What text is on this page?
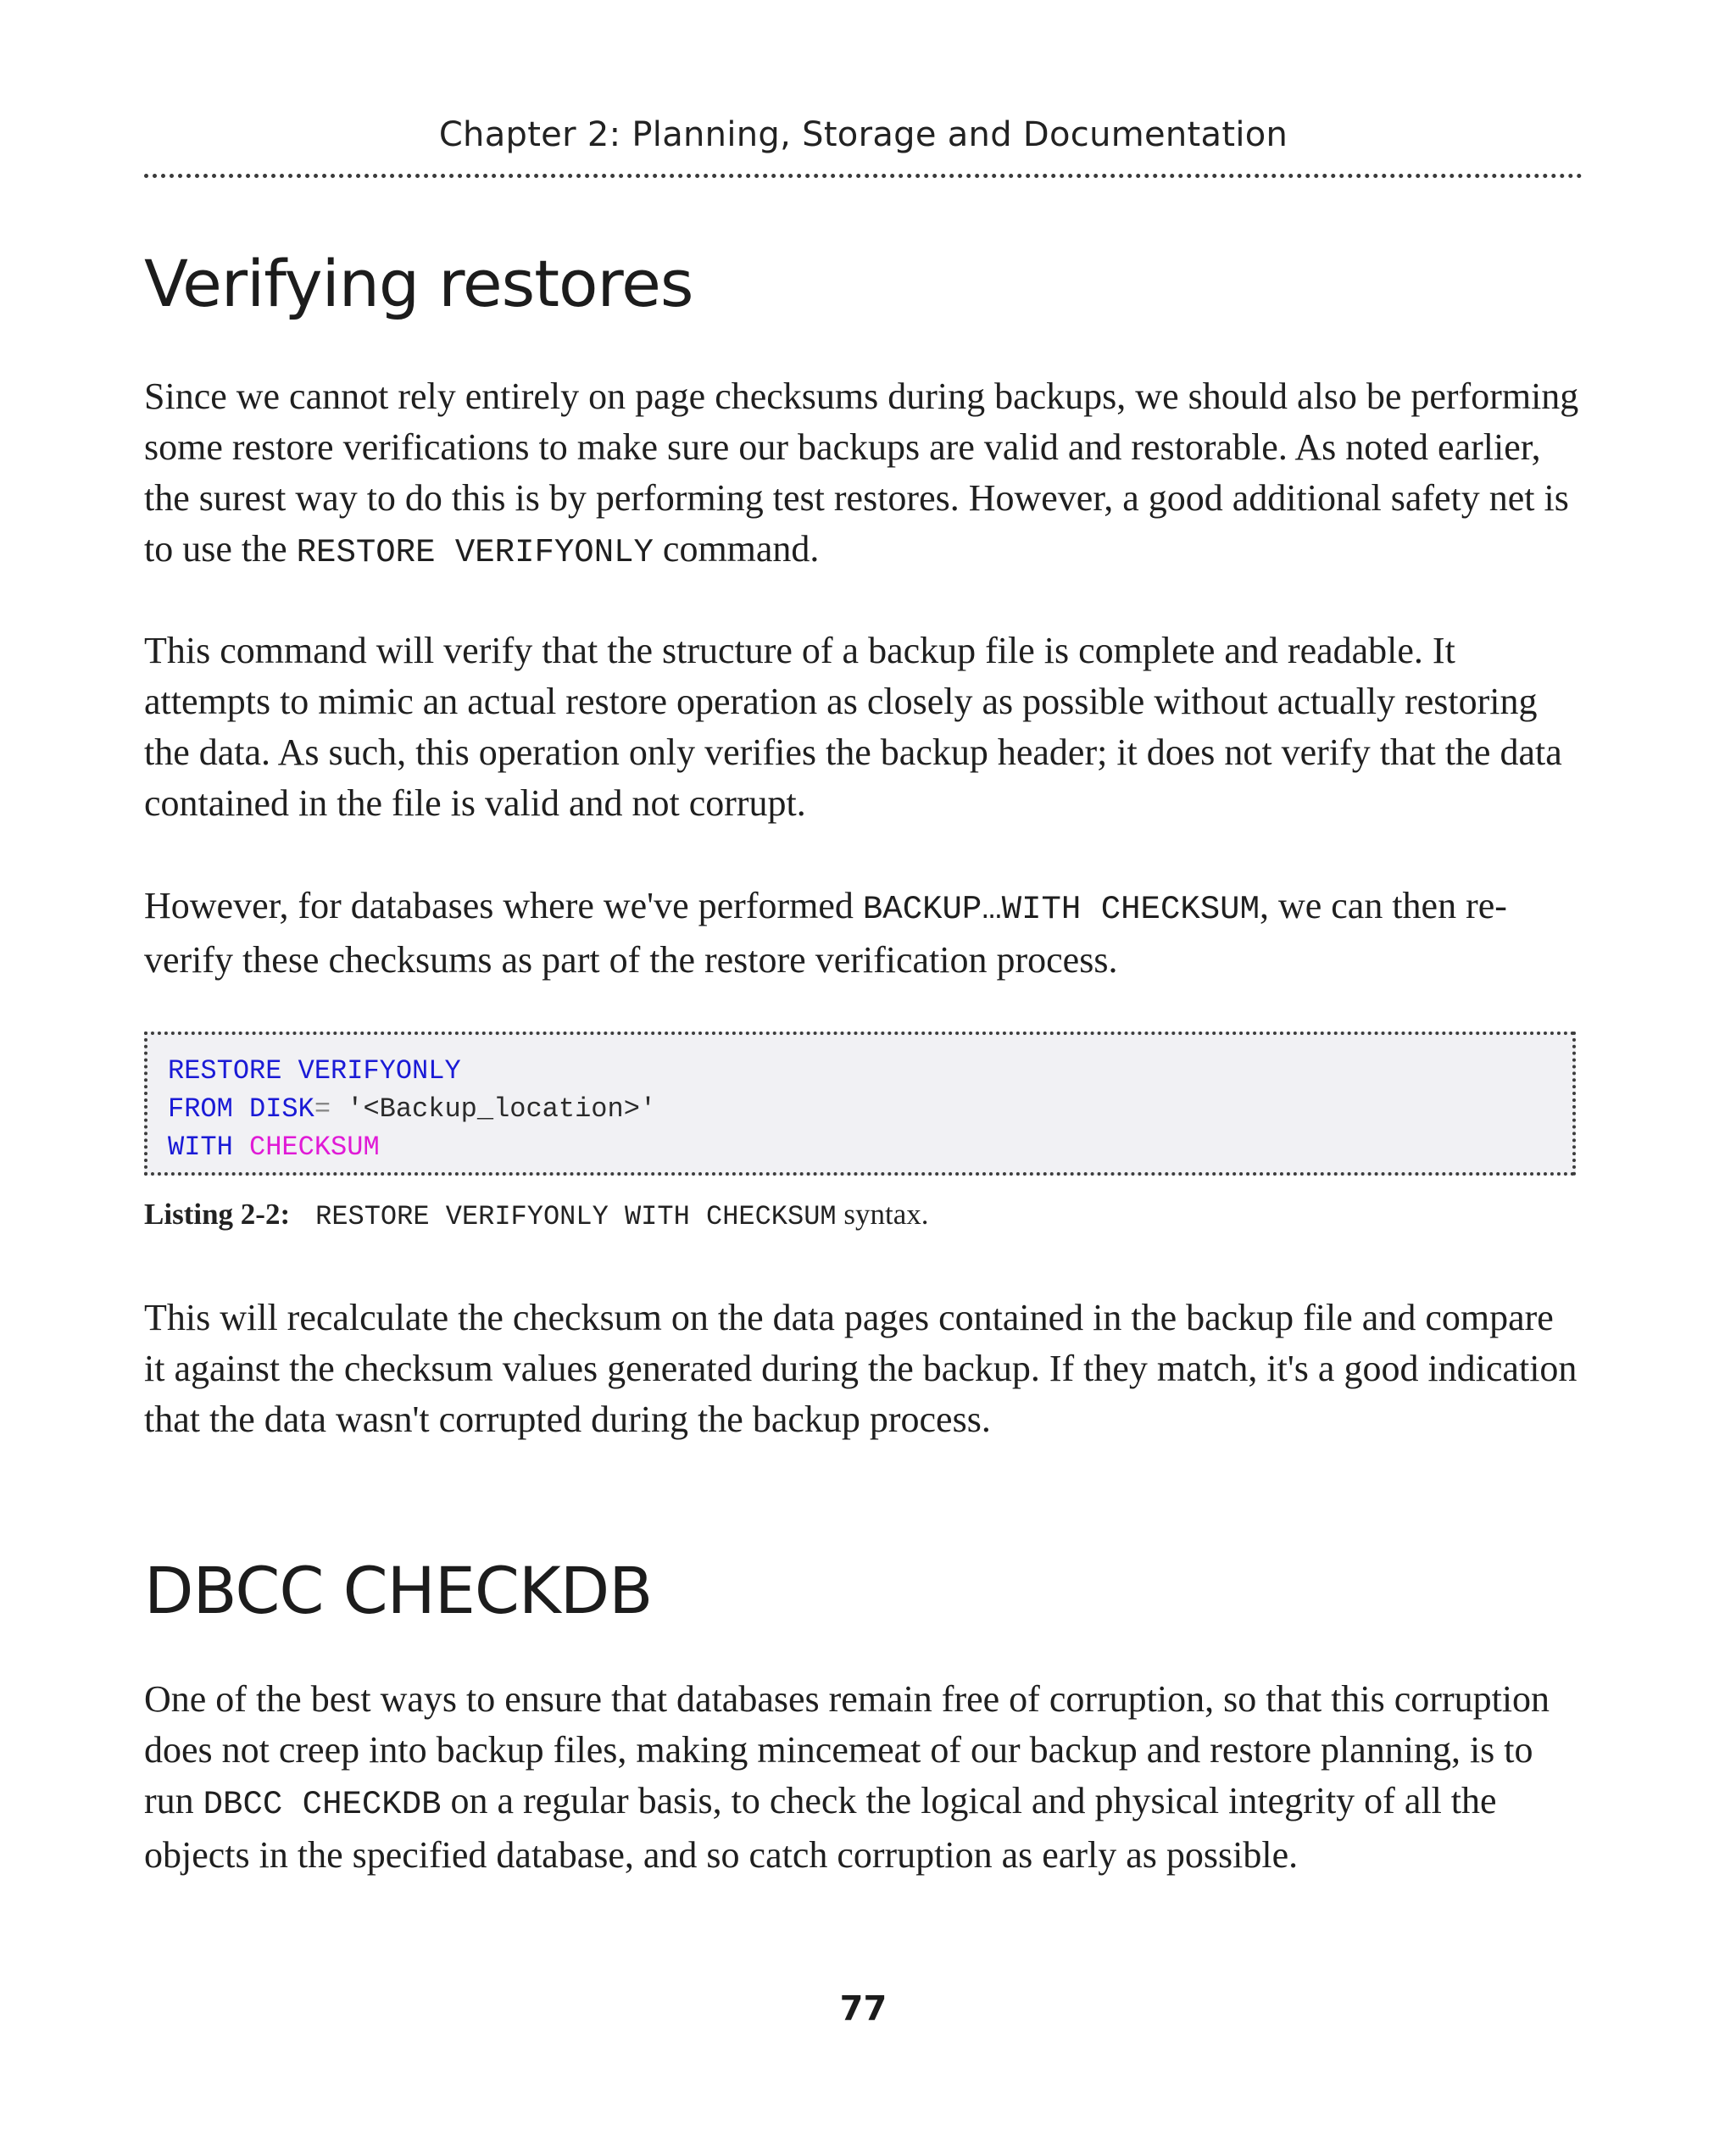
Chapter 2: Planning, Storage and Documentation
Verifying restores

Since we cannot rely entirely on page checksums during backups, we should also be performing some restore verifications to make sure our backups are valid and restorable. As noted earlier, the surest way to do this is by performing test restores. However, a good additional safety net is to use the RESTORE VERIFYONLY command.

This command will verify that the structure of a backup file is complete and readable. It attempts to mimic an actual restore operation as closely as possible without actually restoring the data. As such, this operation only verifies the backup header; it does not verify that the data contained in the file is valid and not corrupt.

However, for databases where we've performed BACKUP…WITH CHECKSUM, we can then re-verify these checksums as part of the restore verification process.

RESTORE VERIFYONLY
FROM DISK= '<Backup_location>'
WITH CHECKSUM
Listing 2-2: RESTORE VERIFYONLY WITH CHECKSUM syntax.

This will recalculate the checksum on the data pages contained in the backup file and compare it against the checksum values generated during the backup. If they match, it's a good indication that the data wasn't corrupted during the backup process.

DBCC CHECKDB

One of the best ways to ensure that databases remain free of corruption, so that this corruption does not creep into backup files, making mincemeat of our backup and restore planning, is to run DBCC CHECKDB on a regular basis, to check the logical and physical integrity of all the objects in the specified database, and so catch corruption as early as possible.

77
